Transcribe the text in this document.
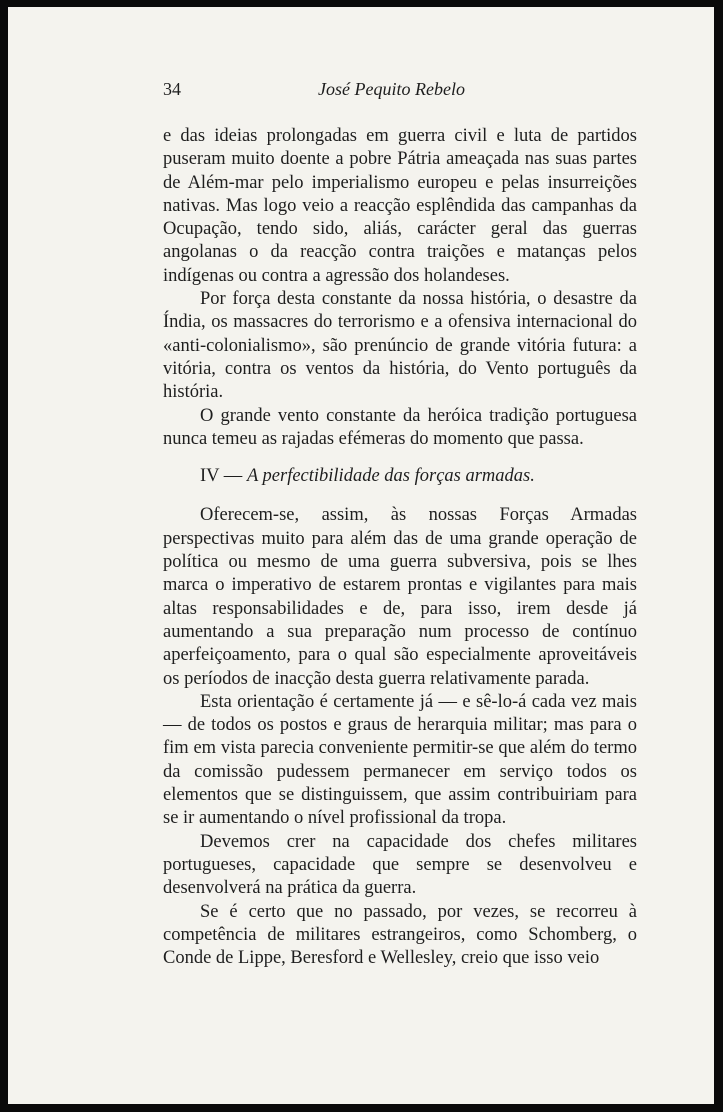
34	José Pequito Rebelo

e das ideias prolongadas em guerra civil e luta de partidos puseram muito doente a pobre Pátria ameaçada nas suas partes de Além-mar pelo imperialismo europeu e pelas insurreições nativas. Mas logo veio a reacção esplêndida das campanhas da Ocupação, tendo sido, aliás, carácter geral das guerras angolanas o da reacção contra traições e matanças pelos indígenas ou contra a agressão dos holandeses.

Por força desta constante da nossa história, o desastre da Índia, os massacres do terrorismo e a ofensiva internacional do «anti-colonialismo», são prenúncio de grande vitória futura: a vitória, contra os ventos da história, do Vento português da história.

O grande vento constante da heróica tradição portuguesa nunca temeu as rajadas efémeras do momento que passa.

IV — A perfectibilidade das forças armadas.

Oferecem-se, assim, às nossas Forças Armadas perspectivas muito para além das de uma grande operação de política ou mesmo de uma guerra subversiva, pois se lhes marca o imperativo de estarem prontas e vigilantes para mais altas responsabilidades e de, para isso, irem desde já aumentando a sua preparação num processo de contínuo aperfeiçoamento, para o qual são especialmente aproveitáveis os períodos de inacção desta guerra relativamente parada.

Esta orientação é certamente já — e sê-lo-á cada vez mais — de todos os postos e graus de herarquia militar; mas para o fim em vista parecia conveniente permitir-se que além do termo da comissão pudessem permanecer em serviço todos os elementos que se distinguissem, que assim contribuiriam para se ir aumentando o nível profissional da tropa.

Devemos crer na capacidade dos chefes militares portugueses, capacidade que sempre se desenvolveu e desenvolverá na prática da guerra.

Se é certo que no passado, por vezes, se recorreu à competência de militares estrangeiros, como Schomberg, o Conde de Lippe, Beresford e Wellesley, creio que isso veio
